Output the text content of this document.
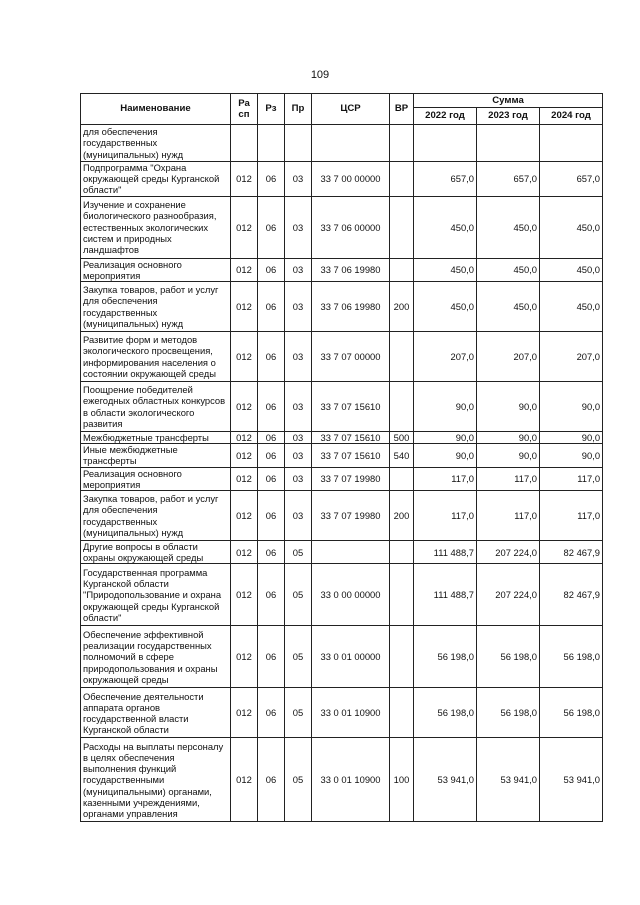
109
Наименование	Ра сп	Рз	Пр	ЦСР	ВР	Сумма		
						2022 год	2023 год	2024 год
для обеспечения государственных (муниципальных) нужд								
Подпрограмма "Охрана окружающей среды Курганской области"	012	06	03	33 7 00 00000		657,0	657,0	657,0
Изучение и сохранение биологического разнообразия, естественных экологических систем и природных ландшафтов	012	06	03	33 7 06 00000		450,0	450,0	450,0
Реализация основного мероприятия	012	06	03	33 7 06 19980		450,0	450,0	450,0
Закупка товаров, работ и услуг для обеспечения государственных (муниципальных) нужд	012	06	03	33 7 06 19980	200	450,0	450,0	450,0
Развитие форм и методов экологического просвещения, информирования населения о состоянии окружающей среды	012	06	03	33 7 07 00000		207,0	207,0	207,0
Поощрение победителей ежегодных областных конкурсов в области экологического развития	012	06	03	33 7 07 15610		90,0	90,0	90,0
Межбюджетные трансферты	012	06	03	33 7 07 15610	500	90,0	90,0	90,0
Иные межбюджетные трансферты	012	06	03	33 7 07 15610	540	90,0	90,0	90,0
Реализация основного мероприятия	012	06	03	33 7 07 19980		117,0	117,0	117,0
Закупка товаров, работ и услуг для обеспечения государственных (муниципальных) нужд	012	06	03	33 7 07 19980	200	117,0	117,0	117,0
Другие вопросы в области охраны окружающей среды	012	06	05			111 488,7	207 224,0	82 467,9
Государственная программа Курганской области "Природопользование и охрана окружающей среды Курганской области"	012	06	05	33 0 00 00000		111 488,7	207 224,0	82 467,9
Обеспечение эффективной реализации государственных полномочий в сфере природопользования и охраны окружающей среды	012	06	05	33 0 01 00000		56 198,0	56 198,0	56 198,0
Обеспечение деятельности аппарата органов государственной власти Курганской области	012	06	05	33 0 01 10900		56 198,0	56 198,0	56 198,0
Расходы на выплаты персоналу в целях обеспечения выполнения функций государственными (муниципальными) органами, казенными учреждениями, органами управления	012	06	05	33 0 01 10900	100	53 941,0	53 941,0	53 941,0
